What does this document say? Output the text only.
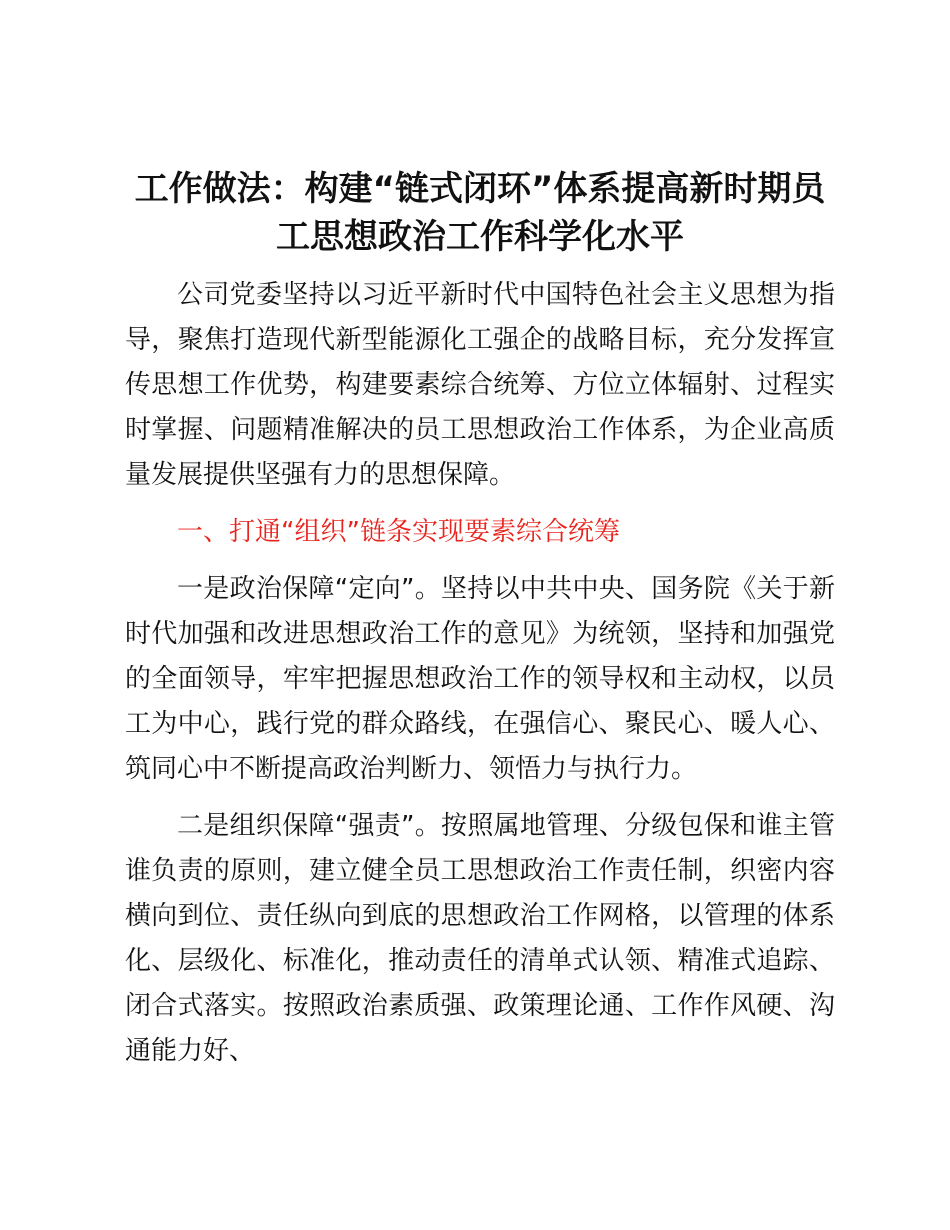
工作做法：构建“链式闭环”体系提高新时期员
工思想政治工作科学化水平

公司党委坚持以习近平新时代中国特色社会主义思想为指导，聚焦打造现代新型能源化工强企的战略目标，充分发挥宣传思想工作优势，构建要素综合统筹、方位立体辐射、过程实时掌握、问题精准解决的员工思想政治工作体系，为企业高质量发展提供坚强有力的思想保障。

一、打通“组织”链条实现要素综合统筹

一是政治保障“定向”。坚持以中共中央、国务院《关于新时代加强和改进思想政治工作的意见》为统领，坚持和加强党的全面领导，牢牢把握思想政治工作的领导权和主动权，以员工为中心，践行党的群众路线，在强信心、聚民心、暖人心、筑同心中不断提高政治判断力、领悟力与执行力。

二是组织保障“强责”。按照属地管理、分级包保和谁主管谁负责的原则，建立健全员工思想政治工作责任制，织密内容横向到位、责任纵向到底的思想政治工作网格，以管理的体系化、层级化、标准化，推动责任的清单式认领、精准式追踪、闭合式落实。按照政治素质强、政策理论通、工作作风硬、沟通能力好、
